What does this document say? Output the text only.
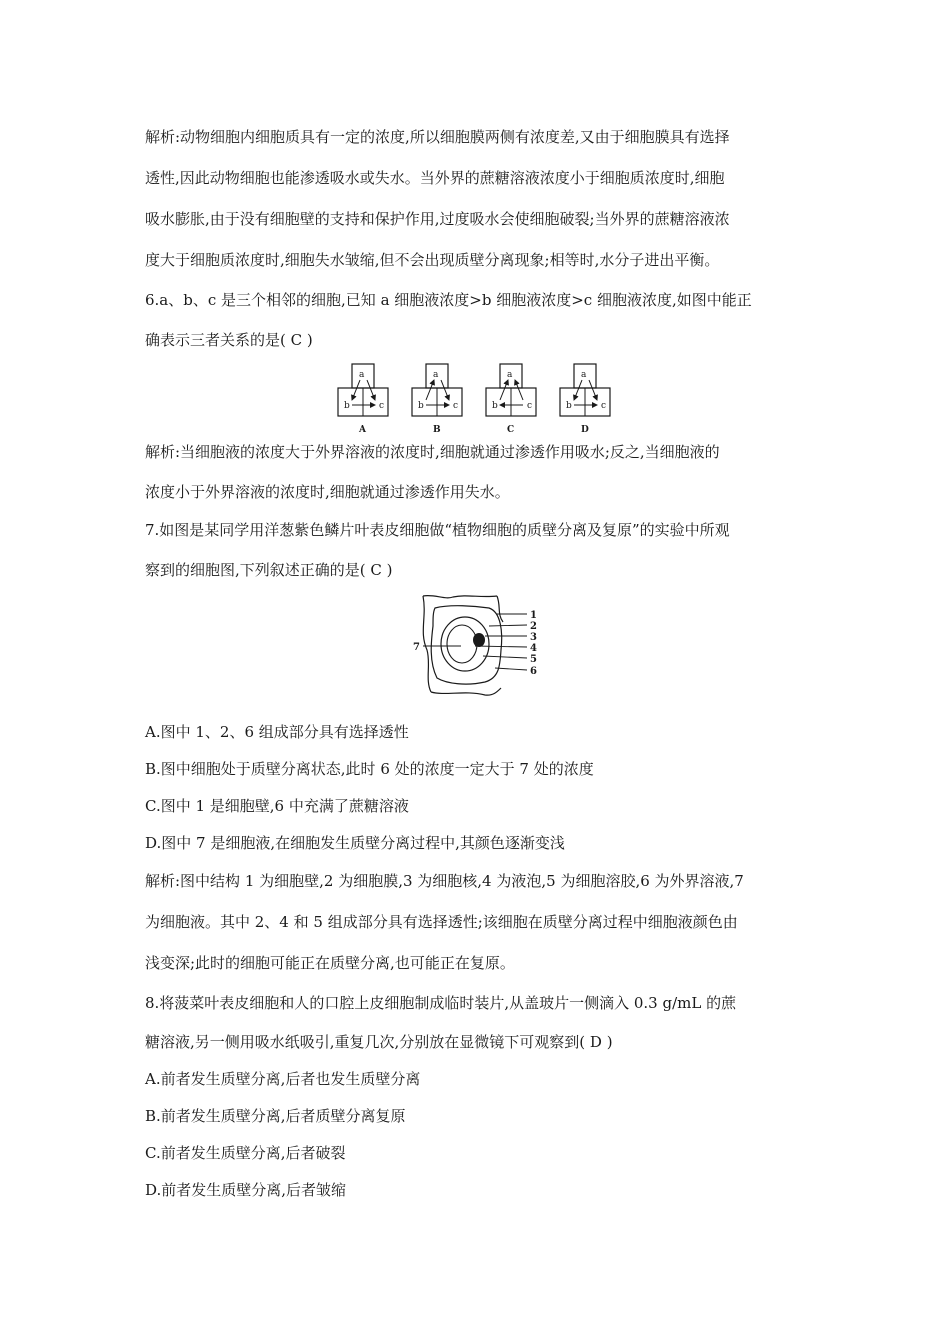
解析:动物细胞内细胞质具有一定的浓度,所以细胞膜两侧有浓度差,又由于细胞膜具有选择
透性,因此动物细胞也能渗透吸水或失水。当外界的蔗糖溶液浓度小于细胞质浓度时,细胞
吸水膨胀,由于没有细胞壁的支持和保护作用,过度吸水会使细胞破裂;当外界的蔗糖溶液浓
度大于细胞质浓度时,细胞失水皱缩,但不会出现质壁分离现象;相等时,水分子进出平衡。
6.a、b、c 是三个相邻的细胞,已知 a 细胞液浓度>b 细胞液浓度>c 细胞液浓度,如图中能正
确表示三者关系的是( C )
a
b	c
A
a
b	c
B
a
b	c
C
a
b	c
D
解析:当细胞液的浓度大于外界溶液的浓度时,细胞就通过渗透作用吸水;反之,当细胞液的
浓度小于外界溶液的浓度时,细胞就通过渗透作用失水。
7.如图是某同学用洋葱紫色鳞片叶表皮细胞做“植物细胞的质壁分离及复原”的实验中所观
察到的细胞图,下列叙述正确的是( C )
1
2
3
4
5
6
7
A.图中 1、2、6 组成部分具有选择透性
B.图中细胞处于质壁分离状态,此时 6 处的浓度一定大于 7 处的浓度
C.图中 1 是细胞壁,6 中充满了蔗糖溶液
D.图中 7 是细胞液,在细胞发生质壁分离过程中,其颜色逐渐变浅
解析:图中结构 1 为细胞壁,2 为细胞膜,3 为细胞核,4 为液泡,5 为细胞溶胶,6 为外界溶液,7
为细胞液。其中 2、4 和 5 组成部分具有选择透性;该细胞在质壁分离过程中细胞液颜色由
浅变深;此时的细胞可能正在质壁分离,也可能正在复原。
8.将菠菜叶表皮细胞和人的口腔上皮细胞制成临时装片,从盖玻片一侧滴入 0.3 g/mL 的蔗
糖溶液,另一侧用吸水纸吸引,重复几次,分别放在显微镜下可观察到( D )
A.前者发生质壁分离,后者也发生质壁分离
B.前者发生质壁分离,后者质壁分离复原
C.前者发生质壁分离,后者破裂
D.前者发生质壁分离,后者皱缩
